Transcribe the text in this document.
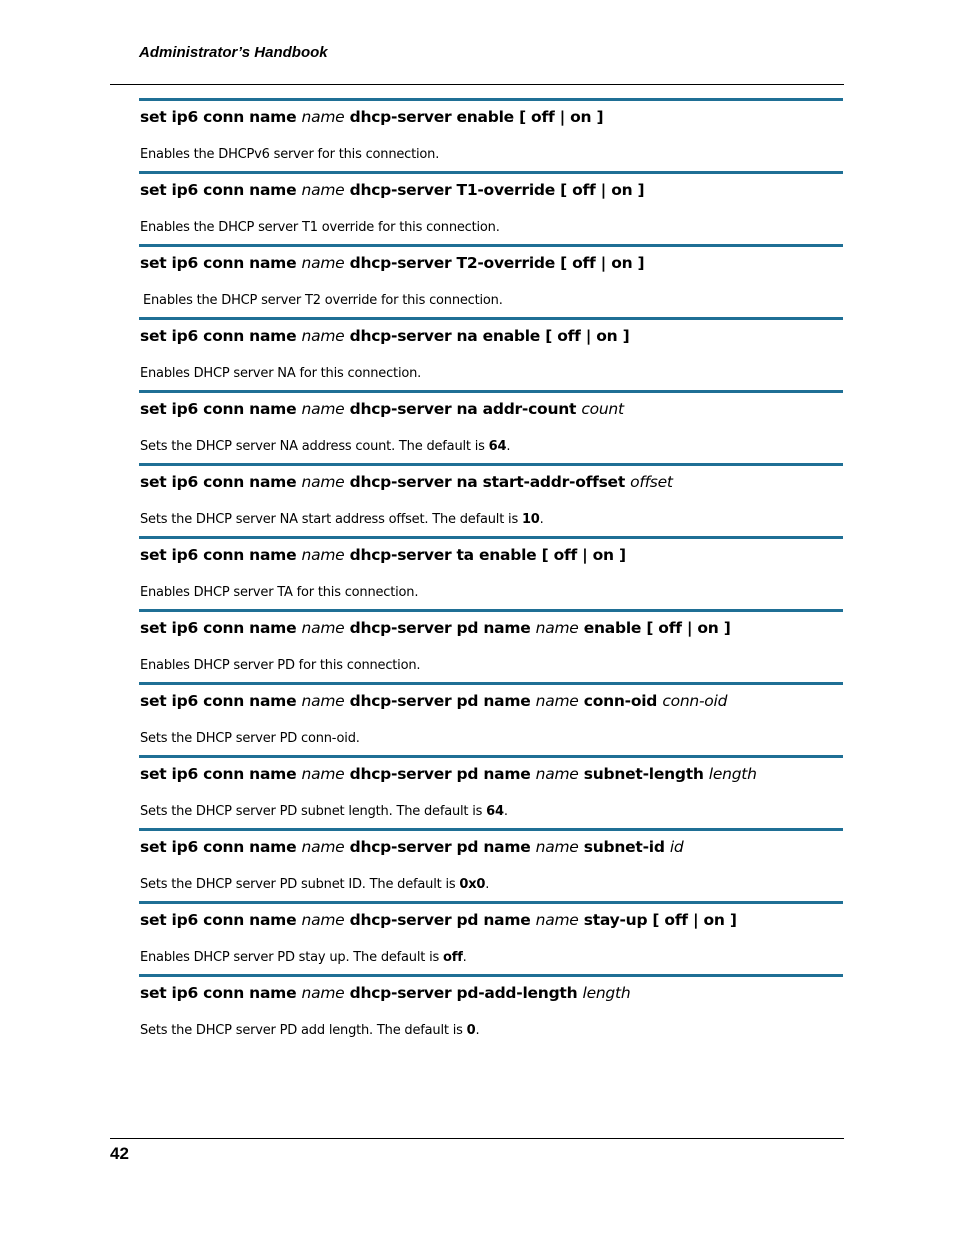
Administrator’s Handbook
set ip6 conn name name dhcp-server enable [ off | on ]
Enables the DHCPv6 server for this connection.
set ip6 conn name name dhcp-server T1-override [ off | on ]
Enables the DHCP server T1 override for this connection.
set ip6 conn name name dhcp-server T2-override [ off | on ]
Enables the DHCP server T2 override for this connection.
set ip6 conn name name dhcp-server na enable [ off | on ]
Enables DHCP server NA for this connection.
set ip6 conn name name dhcp-server na addr-count count
Sets the DHCP server NA address count. The default is 64.
set ip6 conn name name dhcp-server na start-addr-offset offset
Sets the DHCP server NA start address offset. The default is 10.
set ip6 conn name name dhcp-server ta enable [ off | on ]
Enables DHCP server TA for this connection.
set ip6 conn name name dhcp-server pd name name enable [ off | on ]
Enables DHCP server PD for this connection.
set ip6 conn name name dhcp-server pd name name conn-oid conn-oid
Sets the DHCP server PD conn-oid.
set ip6 conn name name dhcp-server pd name name subnet-length length
Sets the DHCP server PD subnet length. The default is 64.
set ip6 conn name name dhcp-server pd name name subnet-id id
Sets the DHCP server PD subnet ID. The default is 0x0.
set ip6 conn name name dhcp-server pd name name stay-up [ off | on ]
Enables DHCP server PD stay up. The default is off.
set ip6 conn name name dhcp-server pd-add-length length
Sets the DHCP server PD add length. The default is 0.
42
